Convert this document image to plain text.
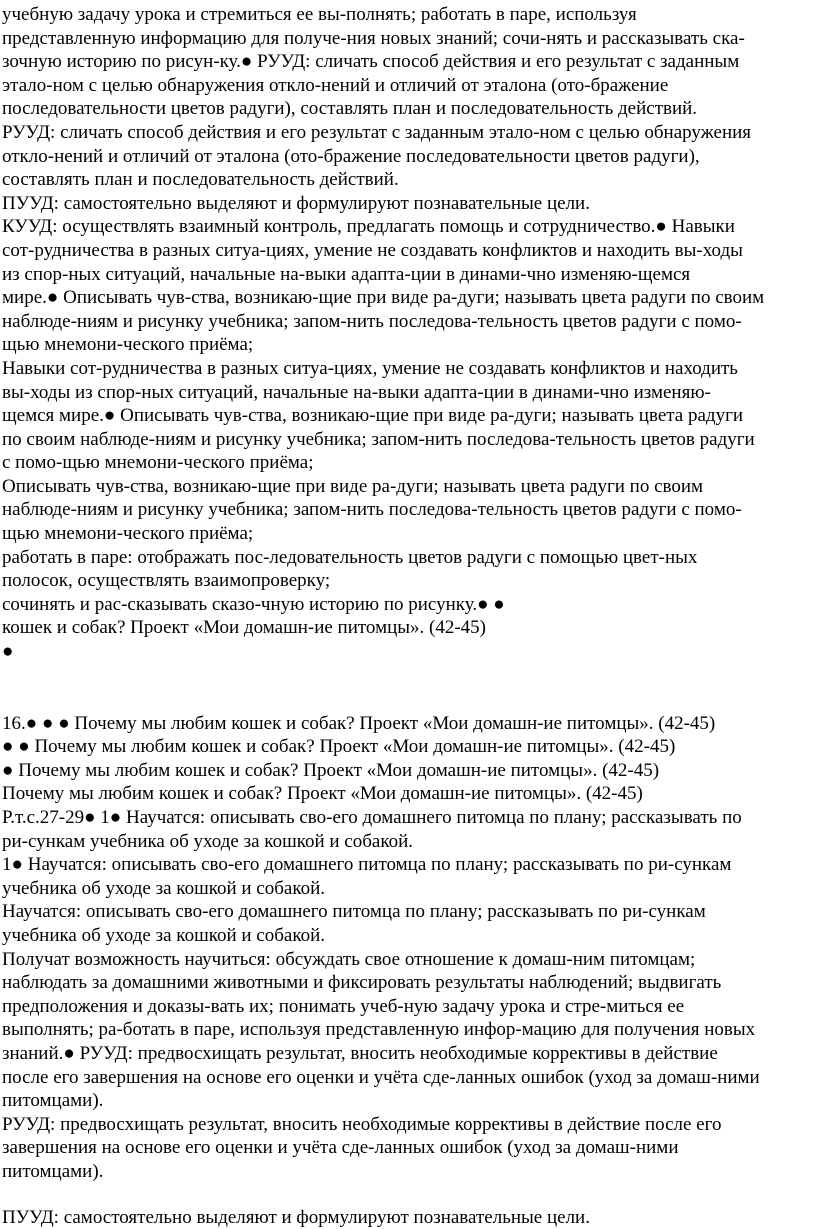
учебную задачу урока и стремиться ее вы-полнять; работать в паре, используя

представленную информацию для получе-ния новых знаний; сочи-нять и рассказывать ска-

зочную историю по рисун-ку.● РУУД: сличать способ действия и его результат с заданным

этало-ном с целью обнаружения откло-нений и отличий от эталона (ото-бражение

последовательности цветов радуги), составлять план и последовательность действий.

РУУД: сличать способ действия и его результат с заданным этало-ном с целью обнаружения

откло-нений и отличий от эталона (ото-бражение последовательности цветов радуги),

составлять план и последовательность действий.

ПУУД: самостоятельно выделяют и формулируют познавательные цели.

КУУД: осуществлять взаимный контроль, предлагать помощь и сотрудничество.● Навыки

сот-рудничества в разных ситуа-циях, умение не создавать конфликтов и находить вы-ходы

из спор-ных ситуаций, начальные на-выки адапта-ции в динами-чно изменяю-щемся

мире.● Описывать чув-ства, возникаю-щие при виде ра-дуги; называть цвета радуги по своим

наблюде-ниям и рисунку учебника; запом-нить последова-тельность цветов радуги с помо-

щью мнемони-ческого приёма;

Навыки сот-рудничества в разных ситуа-циях, умение не создавать конфликтов и находить

вы-ходы из спор-ных ситуаций, начальные на-выки адапта-ции в динами-чно изменяю-

щемся мире.● Описывать чув-ства, возникаю-щие при виде ра-дуги; называть цвета радуги

по своим наблюде-ниям и рисунку учебника; запом-нить последова-тельность цветов радуги

с помо-щью мнемони-ческого приёма;

Описывать чув-ства, возникаю-щие при виде ра-дуги; называть цвета радуги по своим

наблюде-ниям и рисунку учебника; запом-нить последова-тельность цветов радуги с помо-

щью мнемони-ческого приёма;

работать в паре: отображать пос-ледовательность цветов радуги с помощью цвет-ных

полосок, осуществлять взаимопроверку;

сочинять и рас-сказывать сказо-чную историю по рисунку.● ●

кошек и собак? Проект «Мои домашн-ие питомцы». (42-45)

●

16.● ● ● Почему мы любим кошек и собак? Проект «Мои домашн-ие питомцы». (42-45)

● ● Почему мы любим кошек и собак? Проект «Мои домашн-ие питомцы». (42-45)

● Почему мы любим кошек и собак? Проект «Мои домашн-ие питомцы». (42-45)

Почему мы любим кошек и собак? Проект «Мои домашн-ие питомцы». (42-45)

Р.т.с.27-29● 1● Научатся: описывать сво-его домашнего питомца по плану; рассказывать по

ри-сункам учебника об уходе за кошкой и собакой.

1● Научатся: описывать сво-его домашнего питомца по плану; рассказывать по ри-сункам

учебника об уходе за кошкой и собакой.

Научатся: описывать сво-его домашнего питомца по плану; рассказывать по ри-сункам

учебника об уходе за кошкой и собакой.

Получат возможность научиться: обсуждать свое отношение к домаш-ним питомцам;

наблюдать за домашними животными и фиксировать результаты наблюдений; выдвигать

предположения и доказы-вать их; понимать учеб-ную задачу урока и стре-миться ее

выполнять; ра-ботать в паре, используя представленную инфор-мацию для получения новых

знаний.● РУУД: предвосхищать результат, вносить необходимые коррективы в действие

после его завершения на основе его оценки и учёта сде-ланных ошибок (уход за домаш-ними

питомцами).

РУУД: предвосхищать результат, вносить необходимые коррективы в действие после его

завершения на основе его оценки и учёта сде-ланных ошибок (уход за домаш-ними

питомцами).

ПУУД: самостоятельно выделяют и формулируют познавательные цели.
